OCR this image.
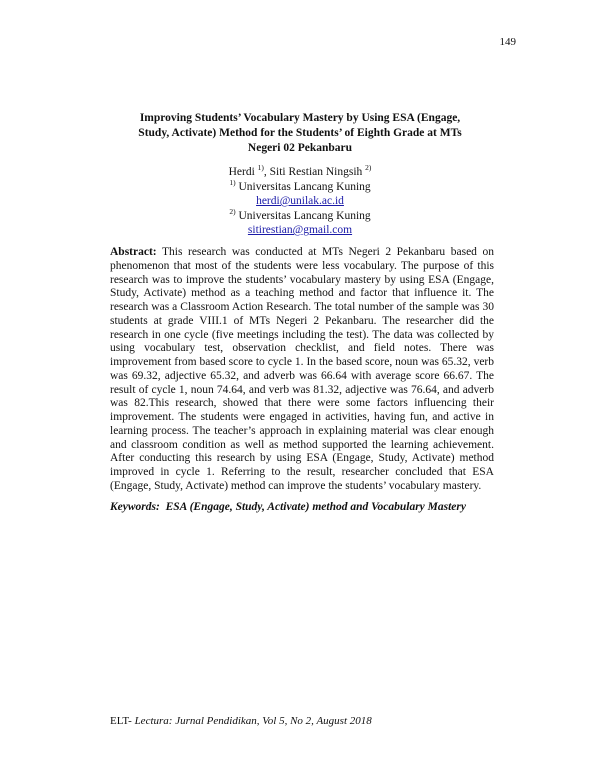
149
Improving Students’ Vocabulary Mastery by Using ESA (Engage, Study, Activate) Method for the Students’ of Eighth Grade at MTs Negeri 02 Pekanbaru
Herdi $^{1)}$, Siti Restian Ningsih $^{2)}$
$^{1)}$ Universitas Lancang Kuning
herdi@unilak.ac.id
$^{2)}$ Universitas Lancang Kuning
sitirestian@gmail.com
Abstract: This research was conducted at MTs Negeri 2 Pekanbaru based on phenomenon that most of the students were less vocabulary. The purpose of this research was to improve the students’ vocabulary mastery by using ESA (Engage, Study, Activate) method as a teaching method and factor that influence it. The research was a Classroom Action Research. The total number of the sample was 30 students at grade VIII.1 of MTs Negeri 2 Pekanbaru. The researcher did the research in one cycle (five meetings including the test). The data was collected by using vocabulary test, observation checklist, and field notes. There was improvement from based score to cycle 1. In the based score, noun was 65.32, verb was 69.32, adjective 65.32, and adverb was 66.64 with average score 66.67. The result of cycle 1, noun 74.64, and verb was 81.32, adjective was 76.64, and adverb was 82.This research, showed that there were some factors influencing their improvement. The students were engaged in activities, having fun, and active in learning process. The teacher’s approach in explaining material was clear enough and classroom condition as well as method supported the learning achievement. After conducting this research by using ESA (Engage, Study, Activate) method improved in cycle 1. Referring to the result, researcher concluded that ESA (Engage, Study, Activate) method can improve the students’ vocabulary mastery.
Keywords: ESA (Engage, Study, Activate) method and Vocabulary Mastery
ELT- Lectura: Jurnal Pendidikan, Vol 5, No 2, August 2018
